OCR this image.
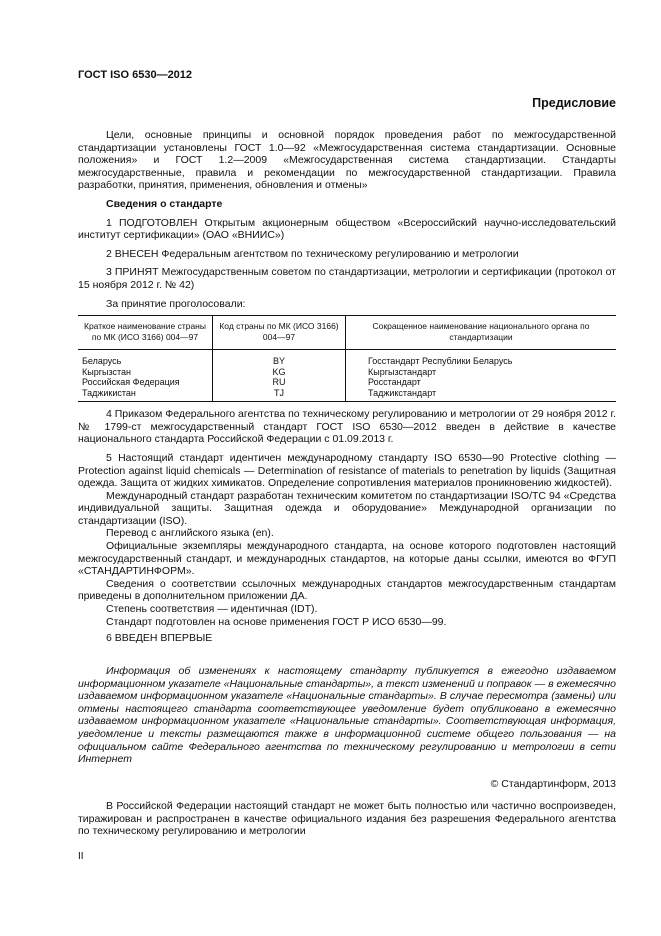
ГОСТ ISO 6530—2012
Предисловие

Цели, основные принципы и основной порядок проведения работ по межгосударственной стандартизации установлены ГОСТ 1.0—92 «Межгосударственная система стандартизации. Основные положения» и ГОСТ 1.2—2009 «Межгосударственная система стандартизации. Стандарты межгосударственные, правила и рекомендации по межгосударственной стандартизации. Правила разработки, принятия, применения, обновления и отмены»

Сведения о стандарте

1 ПОДГОТОВЛЕН Открытым акционерным обществом «Всероссийский научно-исследовательский институт сертификации» (ОАО «ВНИИС»)

2 ВНЕСЕН Федеральным агентством по техническому регулированию и метрологии

3 ПРИНЯТ Межгосударственным советом по стандартизации, метрологии и сертификации (протокол от 15 ноября 2012 г. № 42)

За принятие проголосовали:

Краткое наименование страны по МК (ИСО 3166) 004—97	Код страны по МК (ИСО 3166) 004—97	Сокращенное наименование национального органа по стандартизации
Беларусь	BY	Госстандарт Республики Беларусь
Кыргызстан	KG	Кыргызстандарт
Российская Федерация	RU	Росстандарт
Таджикистан	TJ	Таджикстандарт

4 Приказом Федерального агентства по техническому регулированию и метрологии от 29 ноября 2012 г. № 1799-ст межгосударственный стандарт ГОСТ ISO 6530—2012 введен в действие в качестве национального стандарта Российской Федерации с 01.09.2013 г.

5 Настоящий стандарт идентичен международному стандарту ISO 6530—90 Protective clothing — Protection against liquid chemicals — Determination of resistance of materials to penetration by liquids (Защитная одежда. Защита от жидких химикатов. Определение сопротивления материалов проникновению жидкостей).

Международный стандарт разработан техническим комитетом по стандартизации ISO/TC 94 «Средства индивидуальной защиты. Защитная одежда и оборудование» Международной организации по стандартизации (ISO).

Перевод с английского языка (en).

Официальные экземпляры международного стандарта, на основе которого подготовлен настоящий межгосударственный стандарт, и международных стандартов, на которые даны ссылки, имеются во ФГУП «СТАНДАРТИНФОРМ».

Сведения о соответствии ссылочных международных стандартов межгосударственным стандартам приведены в дополнительном приложении ДА.

Степень соответствия — идентичная (IDT).

Стандарт подготовлен на основе применения ГОСТ Р ИСО 6530—99.

6 ВВЕДЕН ВПЕРВЫЕ

Информация об изменениях к настоящему стандарту публикуется в ежегодно издаваемом информационном указателе «Национальные стандарты», а текст изменений и поправок — в ежемесячно издаваемом информационном указателе «Национальные стандарты». В случае пересмотра (замены) или отмены настоящего стандарта соответствующее уведомление будет опубликовано в ежемесячно издаваемом информационном указателе «Национальные стандарты». Соответствующая информация, уведомление и тексты размещаются также в информационной системе общего пользования — на официальном сайте Федерального агентства по техническому регулированию и метрологии в сети Интернет

© Стандартинформ, 2013

В Российской Федерации настоящий стандарт не может быть полностью или частично воспроизведен, тиражирован и распространен в качестве официального издания без разрешения Федерального агентства по техническому регулированию и метрологии

II
